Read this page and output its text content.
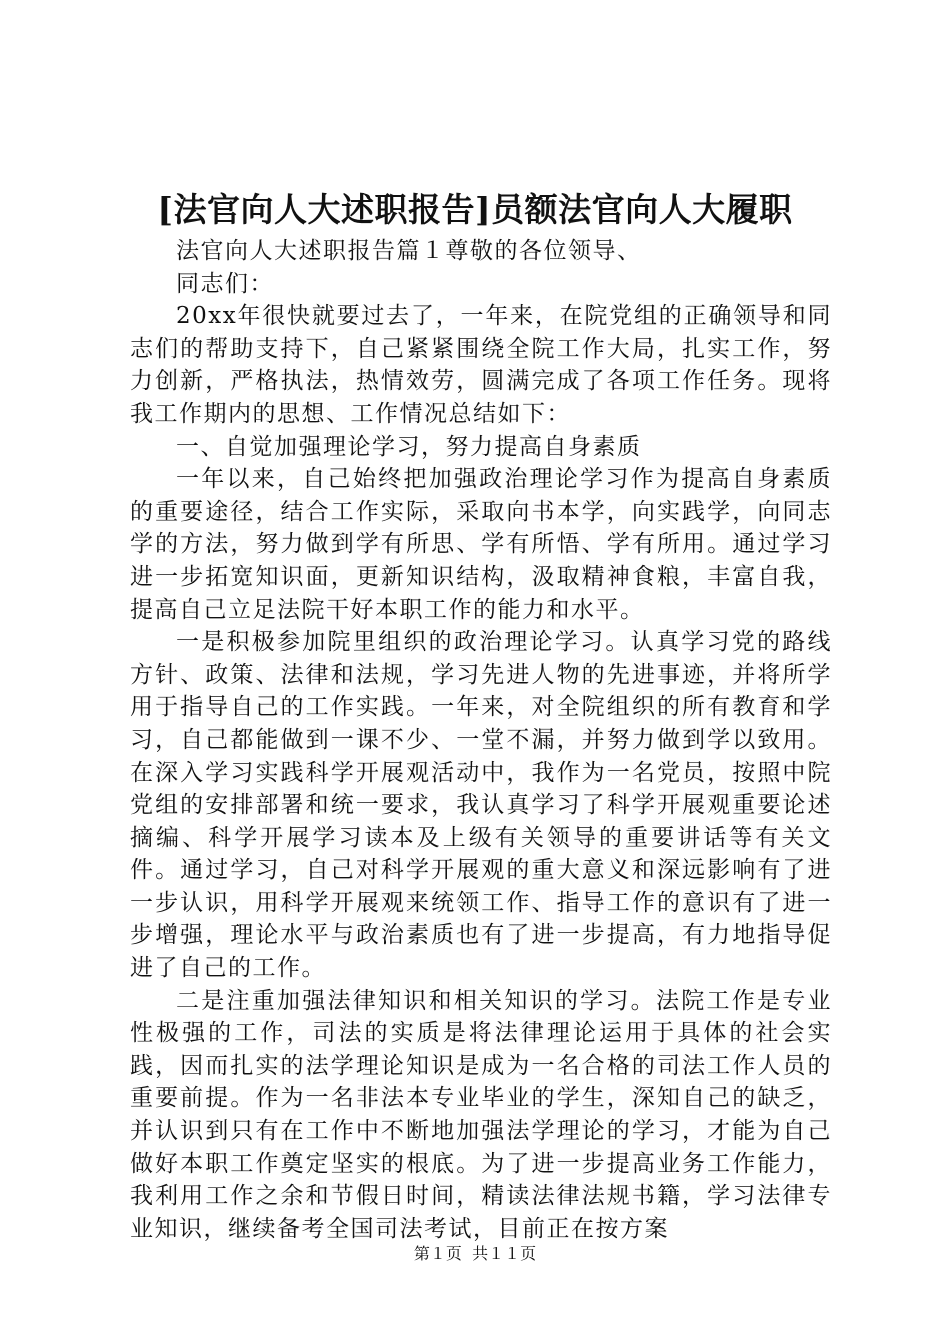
[法官向人大述职报告]员额法官向人大履职

法官向人大述职报告篇１尊敬的各位领导、

同志们：

20xx年很快就要过去了，一年来，在院党组的正确领导和同志们的帮助支持下，自己紧紧围绕全院工作大局，扎实工作，努力创新，严格执法，热情效劳，圆满完成了各项工作任务。现将我工作期内的思想、工作情况总结如下：

一、自觉加强理论学习，努力提高自身素质

一年以来，自己始终把加强政治理论学习作为提高自身素质的重要途径，结合工作实际，采取向书本学，向实践学，向同志学的方法，努力做到学有所思、学有所悟、学有所用。通过学习进一步拓宽知识面，更新知识结构，汲取精神食粮，丰富自我，提高自己立足法院干好本职工作的能力和水平。

一是积极参加院里组织的政治理论学习。认真学习党的路线方针、政策、法律和法规，学习先进人物的先进事迹，并将所学用于指导自己的工作实践。一年来，对全院组织的所有教育和学习，自己都能做到一课不少、一堂不漏，并努力做到学以致用。在深入学习实践科学开展观活动中，我作为一名党员，按照中院党组的安排部署和统一要求，我认真学习了科学开展观重要论述摘编、科学开展学习读本及上级有关领导的重要讲话等有关文件。通过学习，自己对科学开展观的重大意义和深远影响有了进一步认识，用科学开展观来统领工作、指导工作的意识有了进一步增强，理论水平与政治素质也有了进一步提高，有力地指导促进了自己的工作。

二是注重加强法律知识和相关知识的学习。法院工作是专业性极强的工作，司法的实质是将法律理论运用于具体的社会实践，因而扎实的法学理论知识是成为一名合格的司法工作人员的重要前提。作为一名非法本专业毕业的学生，深知自己的缺乏，并认识到只有在工作中不断地加强法学理论的学习，才能为自己做好本职工作奠定坚实的根底。为了进一步提高业务工作能力，我利用工作之余和节假日时间，精读法律法规书籍，学习法律专业知识，继续备考全国司法考试，目前正在按方案

第１页 共１１页
